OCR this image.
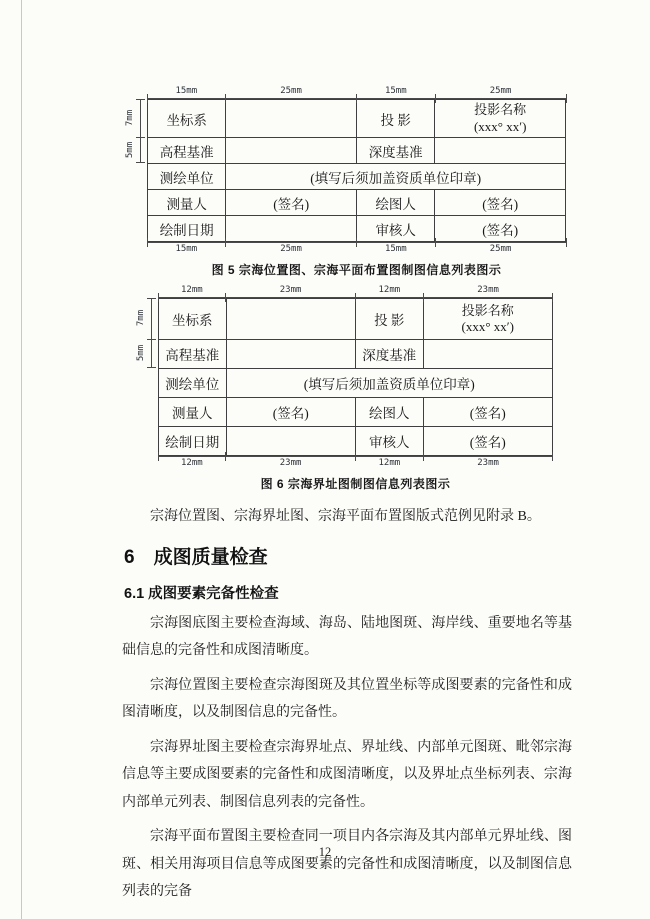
15mm	25mm	15mm	25mm
7mm
5mm
坐标系		投 影	投影名称
(xxx° xx′)

高程基准		深度基准	
测绘单位	(填写后须加盖资质单位印章)		
测量人	(签名)	绘图人	(签名)
绘制日期		审核人	(签名)
15mm	25mm	15mm	25mm
图 5 宗海位置图、宗海平面布置图制图信息列表图示
12mm	23mm	12mm	23mm
7mm
5mm
坐标系		投 影	投影名称
(xxx° xx′)

高程基准		深度基准	
测绘单位	(填写后须加盖资质单位印章)		
测量人	(签名)	绘图人	(签名)
绘制日期		审核人	(签名)
12mm	23mm	12mm	23mm
图 6 宗海界址图制图信息列表图示

宗海位置图、宗海界址图、宗海平面布置图版式范例见附录 B。

6　成图质量检查
6.1 成图要素完备性检查

宗海图底图主要检查海域、海岛、陆地图斑、海岸线、重要地名等基础信息的完备性和成图清晰度。

宗海位置图主要检查宗海图斑及其位置坐标等成图要素的完备性和成图清晰度，以及制图信息的完备性。

宗海界址图主要检查宗海界址点、界址线、内部单元图斑、毗邻宗海信息等主要成图要素的完备性和成图清晰度，以及界址点坐标列表、宗海内部单元列表、制图信息列表的完备性。

宗海平面布置图主要检查同一项目内各宗海及其内部单元界址线、图斑、相关用海项目信息等成图要素的完备性和成图清晰度，以及制图信息列表的完备

12
